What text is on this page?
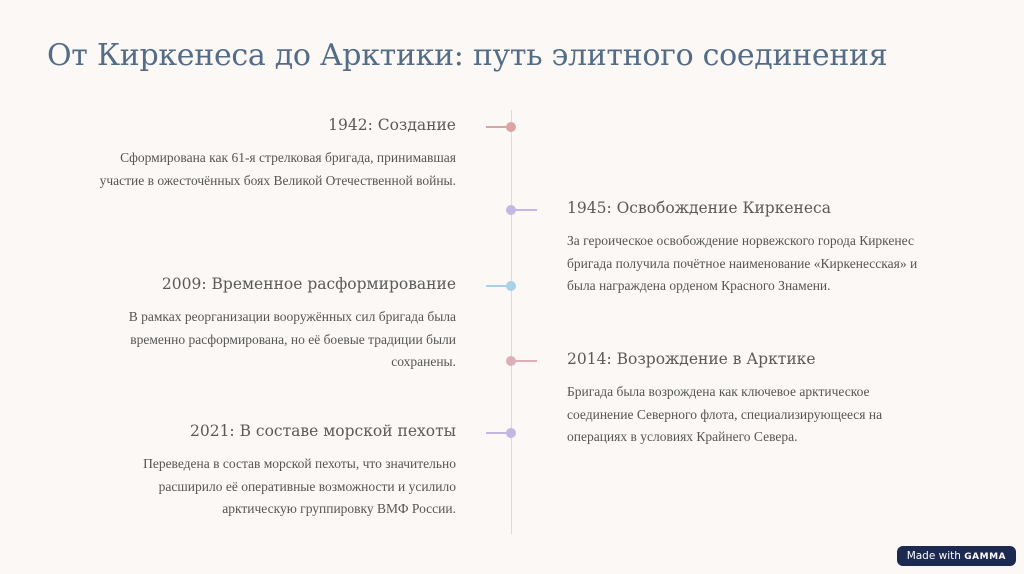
От Киркенеса до Арктики: путь элитного соединения
1942: Создание

Сформирована как 61-я стрелковая бригада, принимавшая
участие в ожесточённых боях Великой Отечественной войны.

1945: Освобождение Киркенеса

За героическое освобождение норвежского города Киркенес
бригада получила почётное наименование «Киркенесская» и
была награждена орденом Красного Знамени.

2009: Временное расформирование

В рамках реорганизации вооружённых сил бригада была
временно расформирована, но её боевые традиции были
сохранены.	2014: Возрождение в Арктике

Бригада была возрождена как ключевое арктическое
соединение Северного флота, специализирующееся на
операциях в условиях Крайнего Севера.

2021: В составе морской пехоты

Переведена в состав морской пехоты, что значительно
расширило её оперативные возможности и усилило
арктическую группировку ВМФ России.

Made with GAMMA
